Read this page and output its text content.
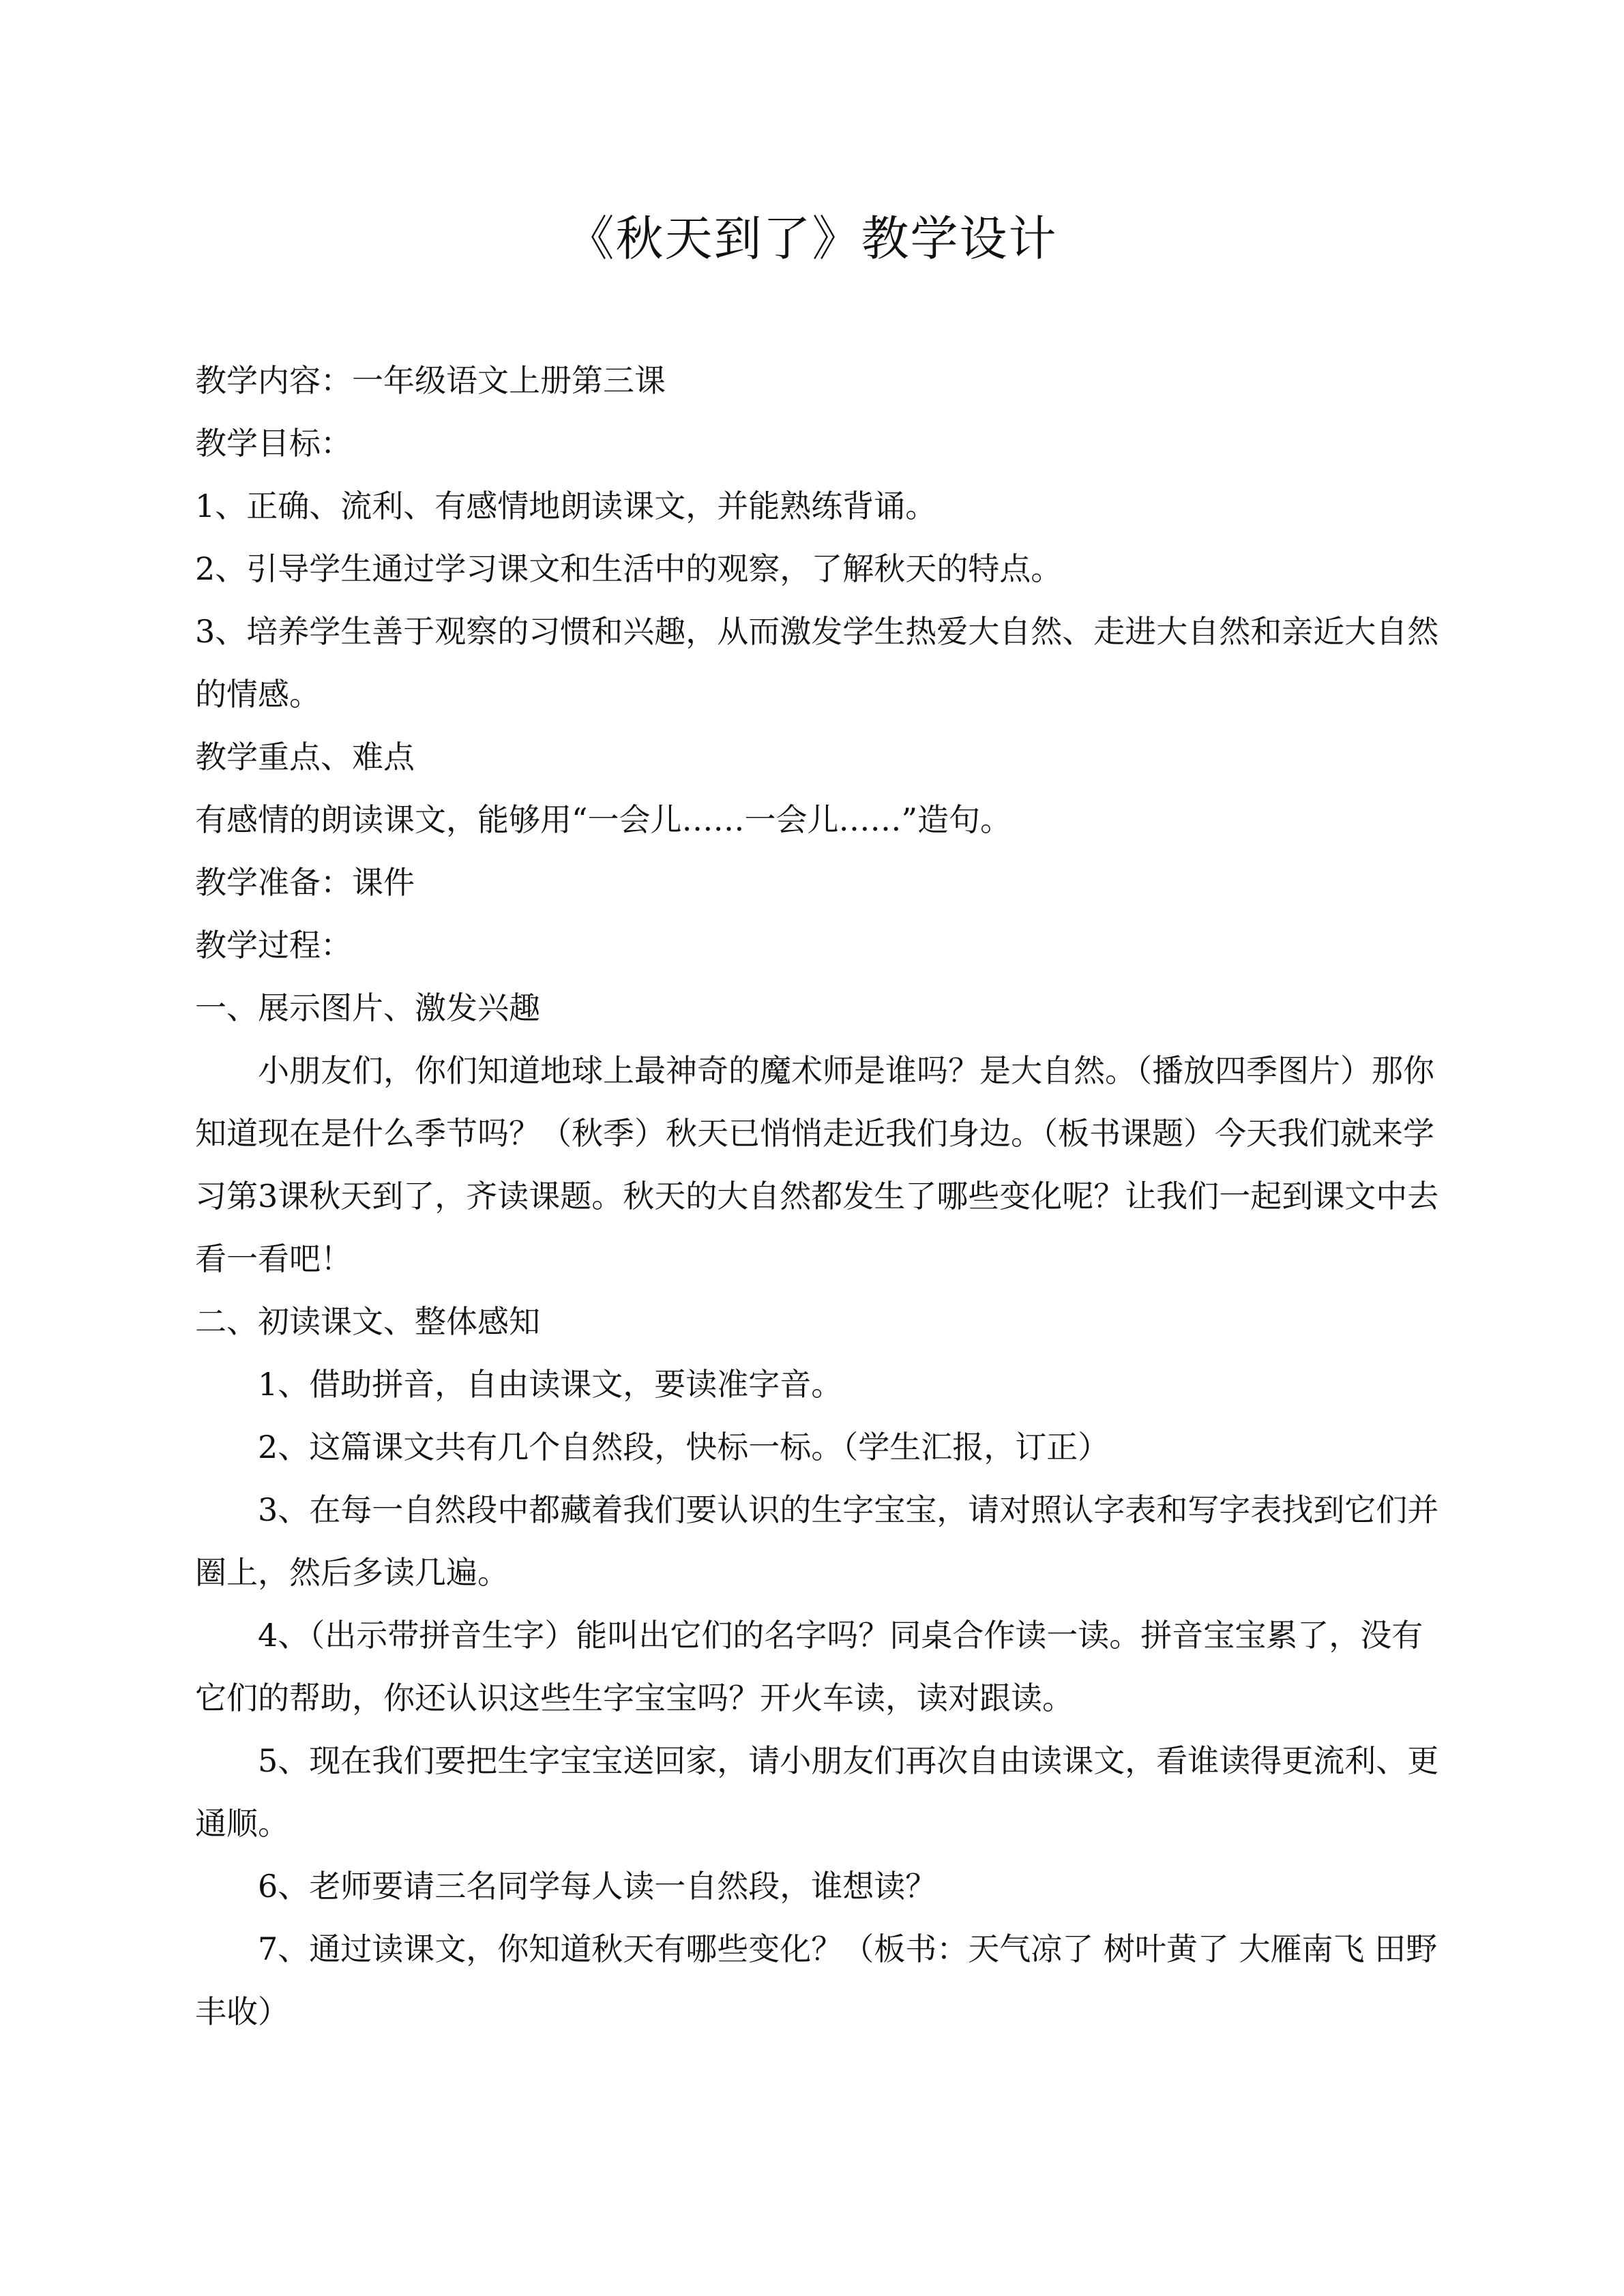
《秋天到了》教学设计

教学内容：一年级语文上册第三课

教学目标：

1、正确、流利、有感情地朗读课文，并能熟练背诵。

2、引导学生通过学习课文和生活中的观察，了解秋天的特点。

3、培养学生善于观察的习惯和兴趣，从而激发学生热爱大自然、走进大自然和亲近大自然的情感。

教学重点、难点

有感情的朗读课文，能够用“一会儿……一会儿……”造句。

教学准备：课件

教学过程：

一、展示图片、激发兴趣

小朋友们，你们知道地球上最神奇的魔术师是谁吗？是大自然。（播放四季图片）那你知道现在是什么季节吗？（秋季）秋天已悄悄走近我们身边。（板书课题）今天我们就来学习第3课秋天到了，齐读课题。秋天的大自然都发生了哪些变化呢？让我们一起到课文中去看一看吧！

二、初读课文、整体感知

1、借助拼音，自由读课文，要读准字音。

2、这篇课文共有几个自然段，快标一标。（学生汇报，订正）

3、在每一自然段中都藏着我们要认识的生字宝宝，请对照认字表和写字表找到它们并圈上，然后多读几遍。

4、（出示带拼音生字）能叫出它们的名字吗？同桌合作读一读。拼音宝宝累了，没有它们的帮助，你还认识这些生字宝宝吗？开火车读，读对跟读。

5、现在我们要把生字宝宝送回家，请小朋友们再次自由读课文，看谁读得更流利、更通顺。

6、老师要请三名同学每人读一自然段，谁想读？

7、通过读课文，你知道秋天有哪些变化？（板书：天气凉了 树叶黄了 大雁南飞 田野丰收）
